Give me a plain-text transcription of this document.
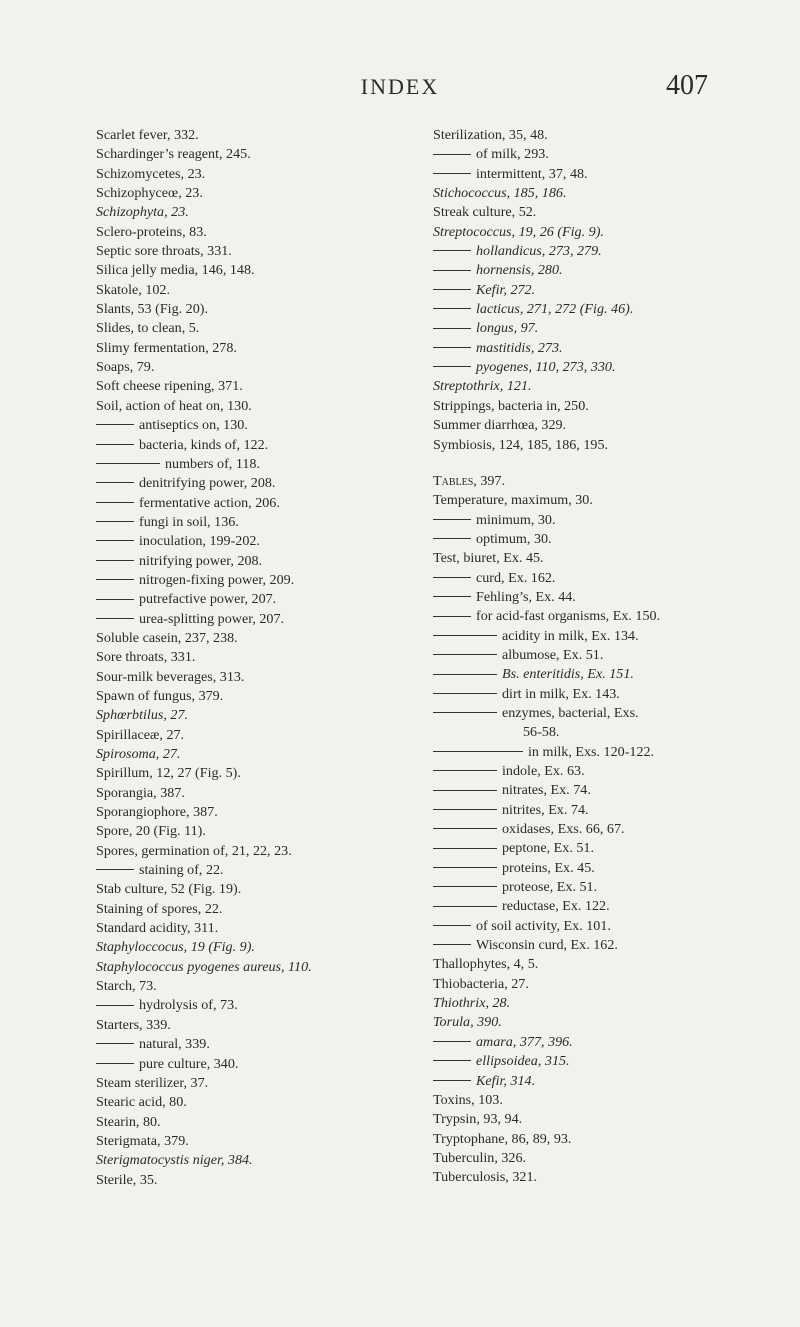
INDEX	407
Scarlet fever, 332.
Schardinger’s reagent, 245.
Schizomycetes, 23.
Schizophyceœ, 23.
Schizophyta, 23.
Sclero-proteins, 83.
Septic sore throats, 331.
Silica jelly media, 146, 148.
Skatole, 102.
Slants, 53 (Fig. 20).
Slides, to clean, 5.
Slimy fermentation, 278.
Soaps, 79.
Soft cheese ripening, 371.
Soil, action of heat on, 130.
antiseptics on, 130.
bacteria, kinds of, 122.
numbers of, 118.
denitrifying power, 208.
fermentative action, 206.
fungi in soil, 136.
inoculation, 199-202.
nitrifying power, 208.
nitrogen-fixing power, 209.
putrefactive power, 207.
urea-splitting power, 207.
Soluble casein, 237, 238.
Sore throats, 331.
Sour-milk beverages, 313.
Spawn of fungus, 379.
Sphœrbtilus, 27.
Spirillaceæ, 27.
Spirosoma, 27.
Spirillum, 12, 27 (Fig. 5).
Sporangia, 387.
Sporangiophore, 387.
Spore, 20 (Fig. 11).
Spores, germination of, 21, 22, 23.
staining of, 22.
Stab culture, 52 (Fig. 19).
Staining of spores, 22.
Standard acidity, 311.
Staphyloccocus, 19 (Fig. 9).
Staphylococcus pyogenes aureus, 110.
Starch, 73.
hydrolysis of, 73.
Starters, 339.
natural, 339.
pure culture, 340.
Steam sterilizer, 37.
Stearic acid, 80.
Stearin, 80.
Sterigmata, 379.
Sterigmatocystis niger, 384.
Sterile, 35.
Sterilization, 35, 48.
of milk, 293.
intermittent, 37, 48.
Stichococcus, 185, 186.
Streak culture, 52.
Streptococcus, 19, 26 (Fig. 9).
hollandicus, 273, 279.
hornensis, 280.
Kefir, 272.
lacticus, 271, 272 (Fig. 46).
longus, 97.
mastitidis, 273.
pyogenes, 110, 273, 330.
Streptothrix, 121.
Strippings, bacteria in, 250.
Summer diarrhœa, 329.
Symbiosis, 124, 185, 186, 195.
Tables, 397.
Temperature, maximum, 30.
minimum, 30.
optimum, 30.
Test, biuret, Ex. 45.
curd, Ex. 162.
Fehling’s, Ex. 44.
for acid-fast organisms, Ex. 150.
acidity in milk, Ex. 134.
albumose, Ex. 51.
Bs. enteritidis, Ex. 151.
dirt in milk, Ex. 143.
enzymes, bacterial, Exs.
56-58.
in milk, Exs. 120-122.
indole, Ex. 63.
nitrates, Ex. 74.
nitrites, Ex. 74.
oxidases, Exs. 66, 67.
peptone, Ex. 51.
proteins, Ex. 45.
proteose, Ex. 51.
reductase, Ex. 122.
of soil activity, Ex. 101.
Wisconsin curd, Ex. 162.
Thallophytes, 4, 5.
Thiobacteria, 27.
Thiothrix, 28.
Torula, 390.
amara, 377, 396.
ellipsoidea, 315.
Kefir, 314.
Toxins, 103.
Trypsin, 93, 94.
Tryptophane, 86, 89, 93.
Tuberculin, 326.
Tuberculosis, 321.
